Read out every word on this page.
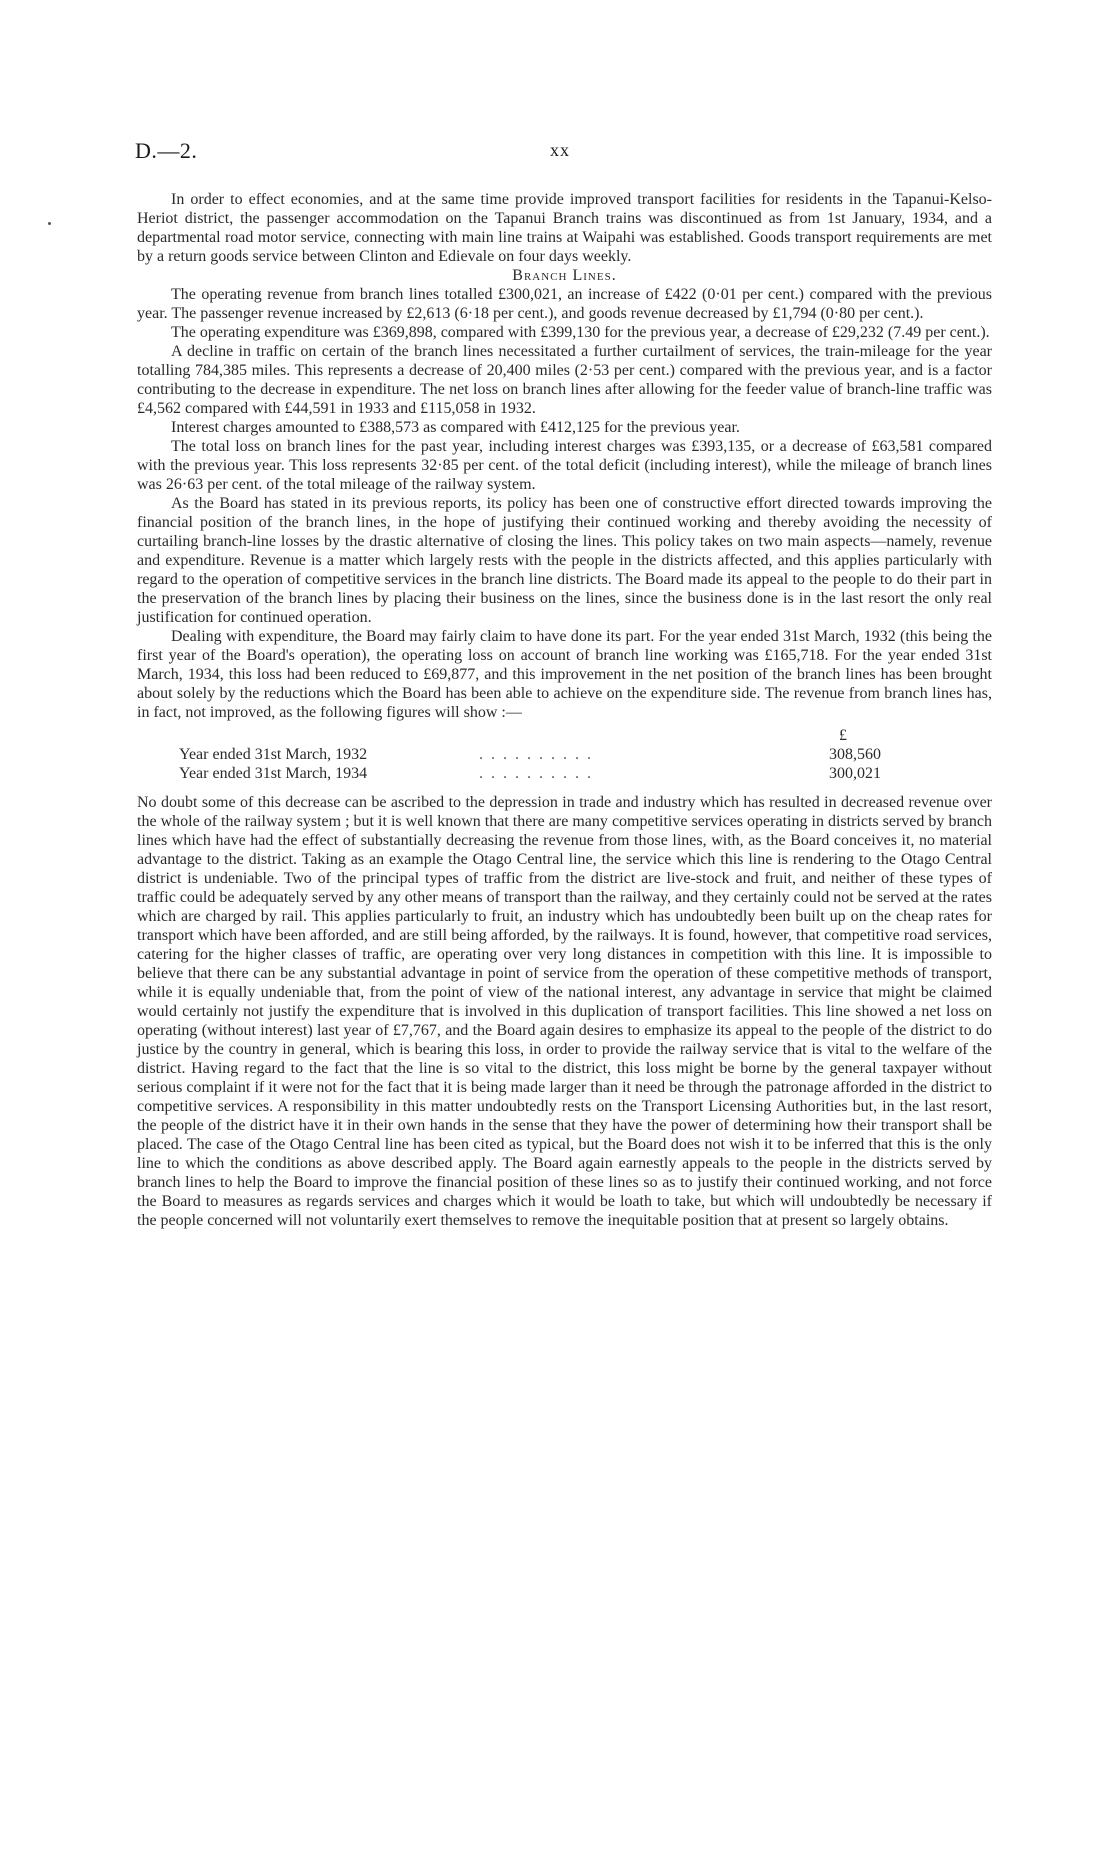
D.—2.	xx

In order to effect economies, and at the same time provide improved transport facilities for residents in the Tapanui-Kelso-Heriot district, the passenger accommodation on the Tapanui Branch trains was discontinued as from 1st January, 1934, and a departmental road motor service, connecting with main line trains at Waipahi was established. Goods transport requirements are met by a return goods service between Clinton and Edievale on four days weekly.

Branch Lines.

The operating revenue from branch lines totalled £300,021, an increase of £422 (0·01 per cent.) compared with the previous year. The passenger revenue increased by £2,613 (6·18 per cent.), and goods revenue decreased by £1,794 (0·80 per cent.).

The operating expenditure was £369,898, compared with £399,130 for the previous year, a decrease of £29,232 (7.49 per cent.).

A decline in traffic on certain of the branch lines necessitated a further curtailment of services, the train-mileage for the year totalling 784,385 miles. This represents a decrease of 20,400 miles (2·53 per cent.) compared with the previous year, and is a factor contributing to the decrease in expenditure. The net loss on branch lines after allowing for the feeder value of branch-line traffic was £4,562 compared with £44,591 in 1933 and £115,058 in 1932.

Interest charges amounted to £388,573 as compared with £412,125 for the previous year.

The total loss on branch lines for the past year, including interest charges was £393,135, or a decrease of £63,581 compared with the previous year. This loss represents 32·85 per cent. of the total deficit (including interest), while the mileage of branch lines was 26·63 per cent. of the total mileage of the railway system.

As the Board has stated in its previous reports, its policy has been one of constructive effort directed towards improving the financial position of the branch lines, in the hope of justifying their continued working and thereby avoiding the necessity of curtailing branch-line losses by the drastic alternative of closing the lines. This policy takes on two main aspects—namely, revenue and expenditure. Revenue is a matter which largely rests with the people in the districts affected, and this applies particularly with regard to the operation of competitive services in the branch line districts. The Board made its appeal to the people to do their part in the preservation of the branch lines by placing their business on the lines, since the business done is in the last resort the only real justification for continued operation.

Dealing with expenditure, the Board may fairly claim to have done its part. For the year ended 31st March, 1932 (this being the first year of the Board's operation), the operating loss on account of branch line working was £165,718. For the year ended 31st March, 1934, this loss had been reduced to £69,877, and this improvement in the net position of the branch lines has been brought about solely by the reductions which the Board has been able to achieve on the expenditure side. The revenue from branch lines has, in fact, not improved, as the following figures will show :—

		£
Year ended 31st March, 1932	. . . . . . . . . .	308,560
Year ended 31st March, 1934	. . . . . . . . . .	300,021

No doubt some of this decrease can be ascribed to the depression in trade and industry which has resulted in decreased revenue over the whole of the railway system ; but it is well known that there are many competitive services operating in districts served by branch lines which have had the effect of substantially decreasing the revenue from those lines, with, as the Board conceives it, no material advantage to the district. Taking as an example the Otago Central line, the service which this line is rendering to the Otago Central district is undeniable. Two of the principal types of traffic from the district are live-stock and fruit, and neither of these types of traffic could be adequately served by any other means of transport than the railway, and they certainly could not be served at the rates which are charged by rail. This applies particularly to fruit, an industry which has undoubtedly been built up on the cheap rates for transport which have been afforded, and are still being afforded, by the railways. It is found, however, that competitive road services, catering for the higher classes of traffic, are operating over very long distances in competition with this line. It is impossible to believe that there can be any substantial advantage in point of service from the operation of these competitive methods of transport, while it is equally undeniable that, from the point of view of the national interest, any advantage in service that might be claimed would certainly not justify the expenditure that is involved in this duplication of transport facilities. This line showed a net loss on operating (without interest) last year of £7,767, and the Board again desires to emphasize its appeal to the people of the district to do justice by the country in general, which is bearing this loss, in order to provide the railway service that is vital to the welfare of the district. Having regard to the fact that the line is so vital to the district, this loss might be borne by the general taxpayer without serious complaint if it were not for the fact that it is being made larger than it need be through the patronage afforded in the district to competitive services. A responsibility in this matter undoubtedly rests on the Transport Licensing Authorities but, in the last resort, the people of the district have it in their own hands in the sense that they have the power of determining how their transport shall be placed. The case of the Otago Central line has been cited as typical, but the Board does not wish it to be inferred that this is the only line to which the conditions as above described apply. The Board again earnestly appeals to the people in the districts served by branch lines to help the Board to improve the financial position of these lines so as to justify their continued working, and not force the Board to measures as regards services and charges which it would be loath to take, but which will undoubtedly be necessary if the people concerned will not voluntarily exert themselves to remove the inequitable position that at present so largely obtains.
